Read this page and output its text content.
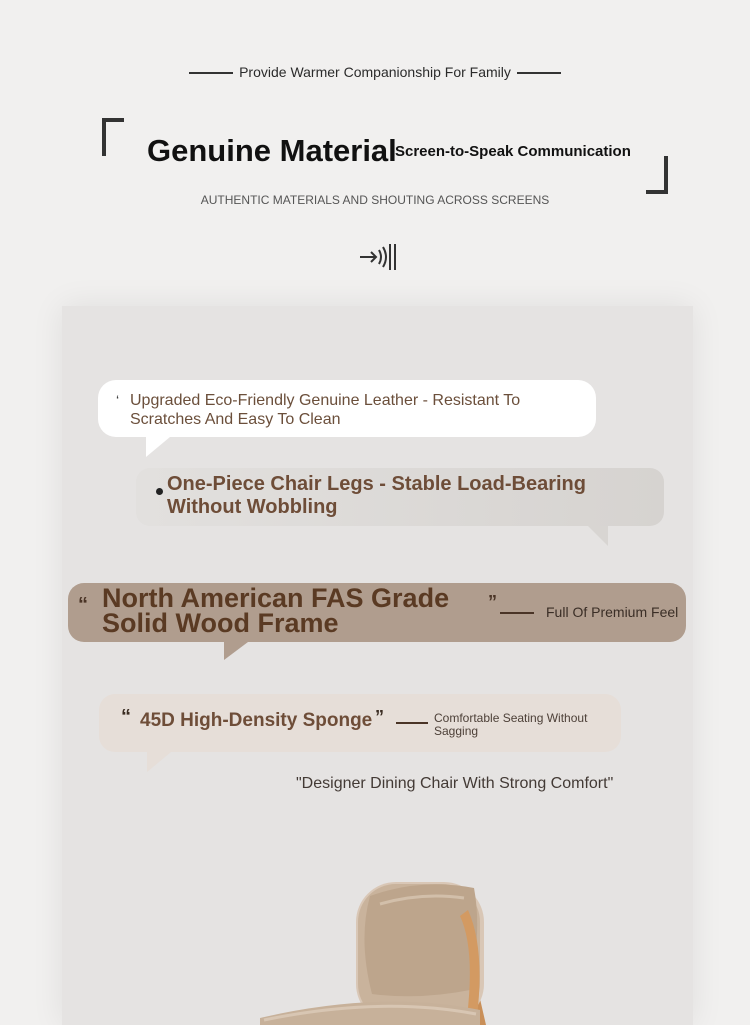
Provide Warmer Companionship For Family
Genuine Material
Screen-to-Speak Communication
AUTHENTIC MATERIALS AND SHOUTING ACROSS SCREENS
‘ Upgraded Eco-Friendly Genuine Leather - Resistant To Scratches And Easy To Clean
One-Piece Chair Legs - Stable Load-Bearing Without Wobbling
“ North American FAS Grade Solid Wood Frame
”	Full Of Premium Feel
“ 45D High-Density Sponge ”	Comfortable Seating Without Sagging
"Designer Dining Chair With Strong Comfort"
